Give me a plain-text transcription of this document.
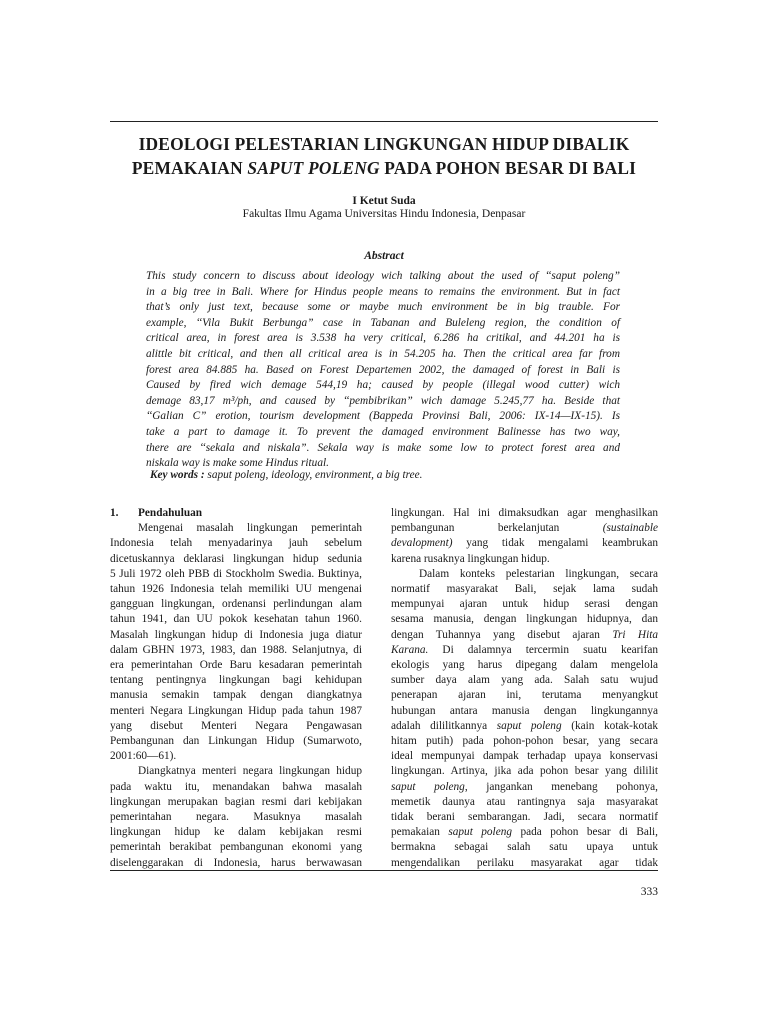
IDEOLOGI PELESTARIAN LINGKUNGAN HIDUP DIBALIK
PEMAKAIAN SAPUT POLENG PADA POHON BESAR DI BALI
I Ketut Suda
Fakultas Ilmu Agama Universitas Hindu Indonesia, Denpasar
Abstract
This study concern to discuss about ideology wich talking about the used of ‘‘saput poleng”
in a big tree in Bali. Where for Hindus people means to remains the environment. But in fact
that’s only just text, because some or maybe much environment be in big trauble. For
example, ‘‘Vila Bukit Berbunga” case in Tabanan and Buleleng region, the condition of
critical area, in forest area is 3.538 ha very critical, 6.286 ha critikal, and 44.201 ha is
alittle bit critical, and then all critical area is in 54.205 ha. Then the critical area far from
forest area 84.885 ha. Based on Forest Departemen 2002, the damaged of forest in Bali is
Caused by fired wich demage 544,19 ha; caused by people (illegal wood cutter) wich
demage 83,17 m³/ph, and caused by ‘‘pembibrikan” wich damage 5.245,77 ha. Beside that
‘‘Galian C” erotion, tourism development (Bappeda Provinsi Bali, 2006: IX-14—IX-15). Is
take a part to damage it. To prevent the damaged environment Balinesse has two way,
there are ‘‘sekala and niskala”. Sekala way is make some low to protect forest area and
niskala way is make some Hindus ritual.
Key words : saput poleng, ideology, environment, a big tree.
1. Pendahuluan
Mengenai masalah lingkungan pemerintah
Indonesia telah menyadarinya jauh sebelum
dicetuskannya deklarasi lingkungan hidup sedunia
5 Juli 1972 oleh PBB di Stockholm Swedia. Buktinya,
tahun 1926 Indonesia telah memiliki UU mengenai
gangguan lingkungan, ordenansi perlindungan alam
tahun 1941, dan UU pokok kesehatan tahun 1960.
Masalah lingkungan hidup di Indonesia juga diatur
dalam GBHN 1973, 1983, dan 1988. Selanjutnya, di
era pemerintahan Orde Baru kesadaran pemerintah
tentang pentingnya lingkungan bagi kehidupan
manusia semakin tampak dengan diangkatnya
menteri Negara Lingkungan Hidup pada tahun 1987
yang disebut Menteri Negara Pengawasan
Pembangunan dan Linkungan Hidup (Sumarwoto,
2001:60—61).
Diangkatnya menteri negara lingkungan hidup
pada waktu itu, menandakan bahwa masalah
lingkungan merupakan bagian resmi dari kebijakan
pemerintahan negara. Masuknya masalah
lingkungan hidup ke dalam kebijakan resmi
pemerintah berakibat pembangunan ekonomi yang
diselenggarakan di Indonesia, harus berwawasan
lingkungan. Hal ini dimaksudkan agar menghasilkan
pembangunan berkelanjutan (sustainable
devalopment) yang tidak mengalami keambrukan
karena rusaknya lingkungan hidup.
Dalam konteks pelestarian lingkungan, secara
normatif masyarakat Bali, sejak lama sudah
mempunyai ajaran untuk hidup serasi dengan
sesama manusia, dengan lingkungan hidupnya, dan
dengan Tuhannya yang disebut ajaran Tri Hita
Karana. Di dalamnya tercermin suatu kearifan
ekologis yang harus dipegang dalam mengelola
sumber daya alam yang ada. Salah satu wujud
penerapan ajaran ini, terutama menyangkut
hubungan antara manusia dengan lingkungannya
adalah dililitkannya saput poleng (kain kotak-kotak
hitam putih) pada pohon-pohon besar, yang secara
ideal mempunyai dampak terhadap upaya konservasi
lingkungan. Artinya, jika ada pohon besar yang dililit
saput poleng, jangankan menebang pohonya,
memetik daunya atau rantingnya saja masyarakat
tidak berani sembarangan. Jadi, secara normatif
pemakaian saput poleng pada pohon besar di Bali,
bermakna sebagai salah satu upaya untuk
mengendalikan perilaku masyarakat agar tidak
333
